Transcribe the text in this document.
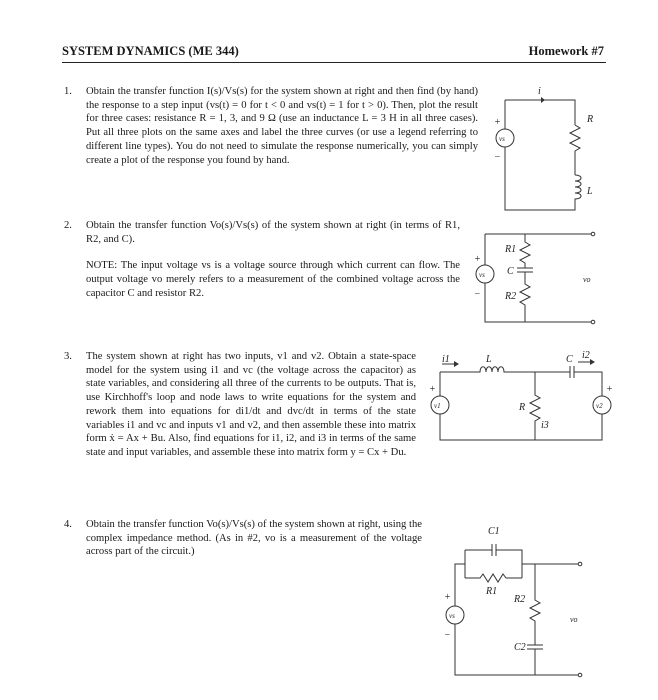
SYSTEM DYNAMICS (ME 344)	Homework #7
1. Obtain the transfer function I(s)/Vs(s) for the system shown at right and then find (by hand) the response to a step input (vs(t) = 0 for t < 0 and vs(t) = 1 for t > 0). Then, plot the result for three cases: resistance R = 1, 3, and 9 Ω (use an inductance L = 3 H in all three cases). Put all three plots on the same axes and label the three curves (or use a legend referring to different line types). You do not need to simulate the response numerically, you can simply create a plot of the response you found by hand.
i
R
L
vs
+
−
2. Obtain the transfer function Vo(s)/Vs(s) of the system shown at right (in terms of R1, R2, and C).
NOTE: The input voltage vs is a voltage source through which current can flow. The output voltage vo merely refers to a measurement of the combined voltage across the capacitor C and resistor R2.
R1
C
R2
vs	vo
+
−
3. The system shown at right has two inputs, v1 and v2. Obtain a state-space model for the system using i1 and vc (the voltage across the capacitor) as state variables, and considering all three of the currents to be outputs. That is, use Kirchhoff's loop and node laws to write equations for the system and rework them into equations for di1/dt and dvc/dt in terms of the state variables i1 and vc and inputs v1 and v2, and then assemble these into matrix form ẋ = Ax + Bu. Also, find equations for i1, i2, and i3 in terms of the same state and input variables, and assemble these into matrix form y = Cx + Du.
i1	L	C i2
R
i3
v1	v2
+	+
4. Obtain the transfer function Vo(s)/Vs(s) of the system shown at right, using the complex impedance method. (As in #2, vo is a measurement of the voltage across part of the circuit.)
C1
R1
R2
C2
vs	vo
+
−
